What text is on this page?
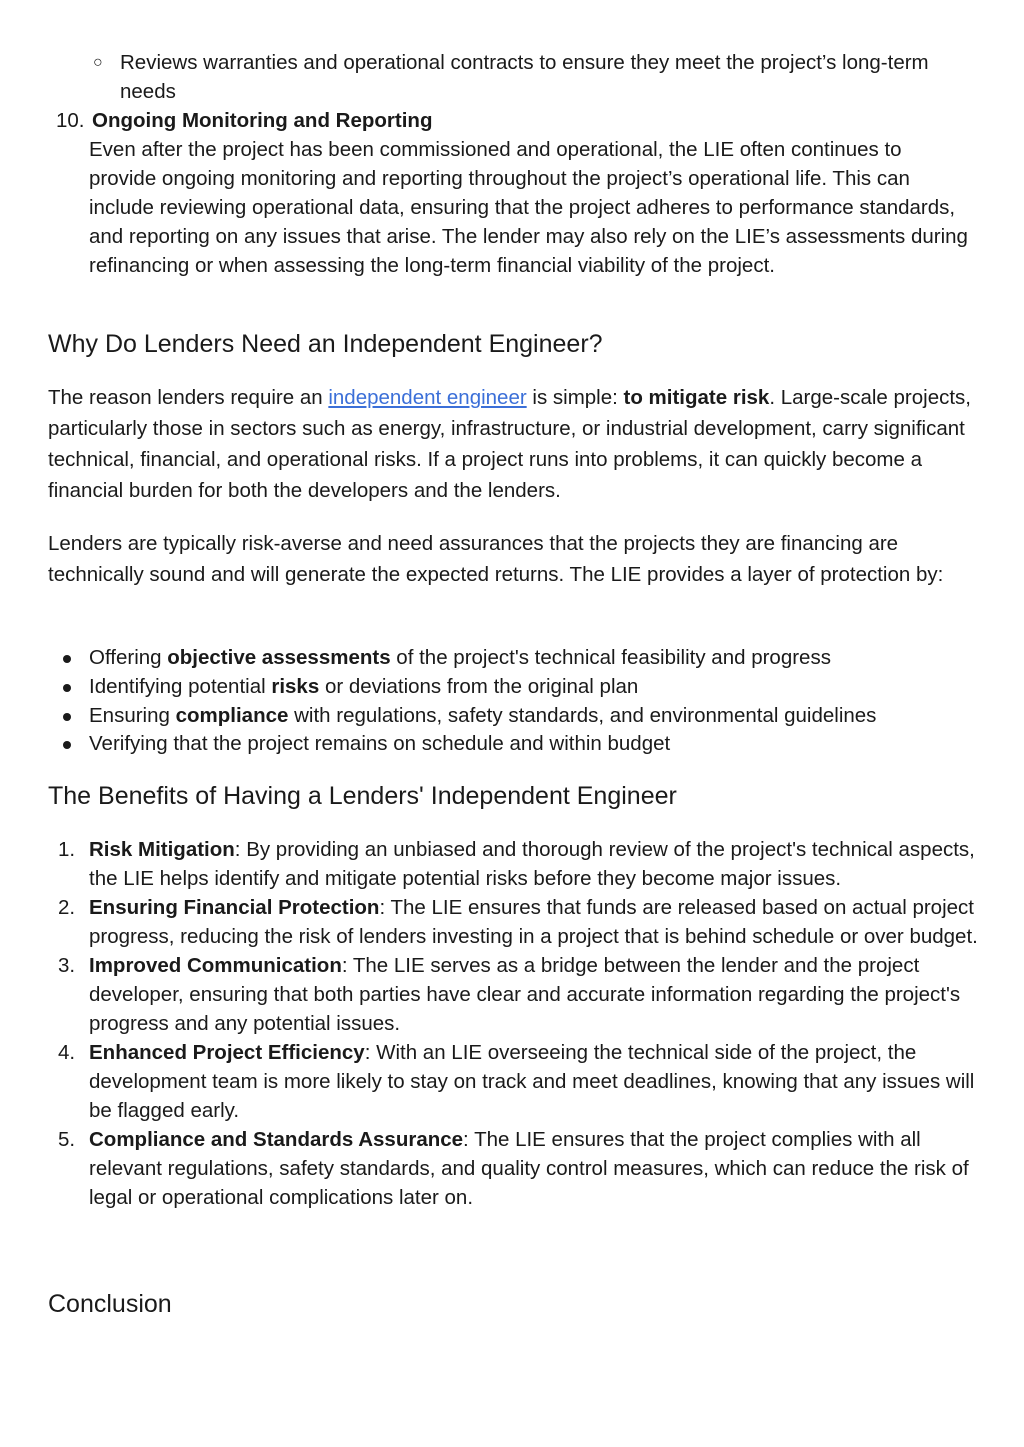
○ Reviews warranties and operational contracts to ensure they meet the project’s long-term needs
10. Ongoing Monitoring and Reporting
Even after the project has been commissioned and operational, the LIE often continues to provide ongoing monitoring and reporting throughout the project’s operational life. This can include reviewing operational data, ensuring that the project adheres to performance standards, and reporting on any issues that arise. The lender may also rely on the LIE’s assessments during refinancing or when assessing the long-term financial viability of the project.
Why Do Lenders Need an Independent Engineer?

The reason lenders require an independent engineer is simple: to mitigate risk. Large-scale projects, particularly those in sectors such as energy, infrastructure, or industrial development, carry significant technical, financial, and operational risks. If a project runs into problems, it can quickly become a financial burden for both the developers and the lenders.

Lenders are typically risk-averse and need assurances that the projects they are financing are technically sound and will generate the expected returns. The LIE provides a layer of protection by:

Offering objective assessments of the project's technical feasibility and progress
Identifying potential risks or deviations from the original plan
Ensuring compliance with regulations, safety standards, and environmental guidelines
Verifying that the project remains on schedule and within budget
The Benefits of Having a Lenders' Independent Engineer
1. Risk Mitigation: By providing an unbiased and thorough review of the project's technical aspects, the LIE helps identify and mitigate potential risks before they become major issues.
2. Ensuring Financial Protection: The LIE ensures that funds are released based on actual project progress, reducing the risk of lenders investing in a project that is behind schedule or over budget.
3. Improved Communication: The LIE serves as a bridge between the lender and the project developer, ensuring that both parties have clear and accurate information regarding the project's progress and any potential issues.
4. Enhanced Project Efficiency: With an LIE overseeing the technical side of the project, the development team is more likely to stay on track and meet deadlines, knowing that any issues will be flagged early.
5. Compliance and Standards Assurance: The LIE ensures that the project complies with all relevant regulations, safety standards, and quality control measures, which can reduce the risk of legal or operational complications later on.
Conclusion
